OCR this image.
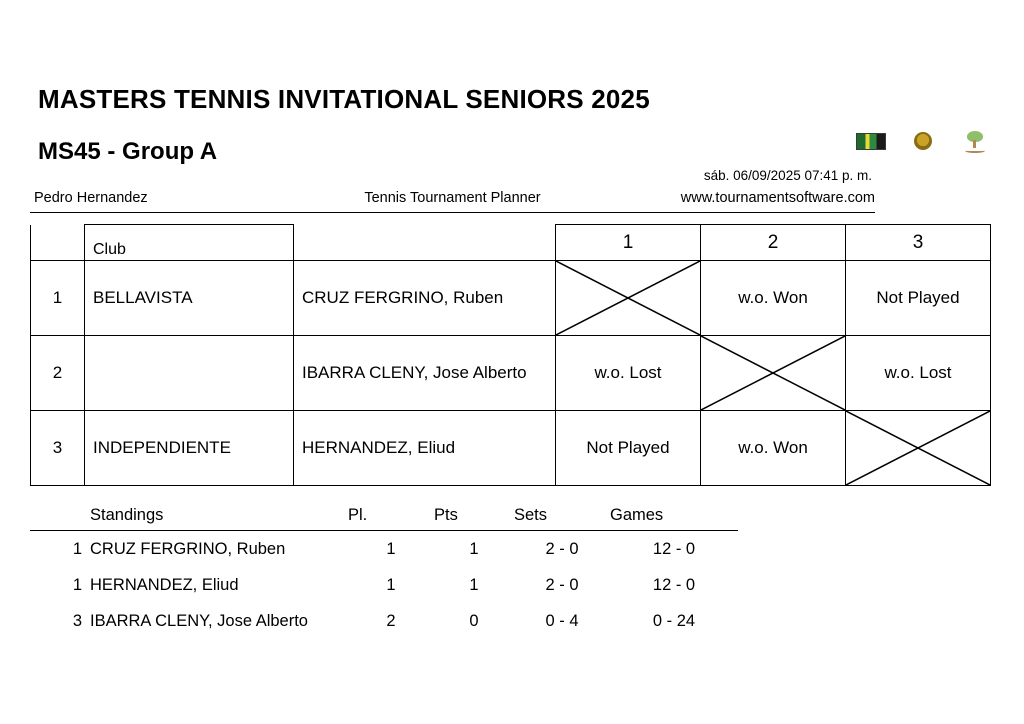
MASTERS TENNIS INVITATIONAL SENIORS 2025
MS45 - Group A
sáb. 06/09/2025 07:41 p. m.
Pedro Hernandez	Tennis Tournament Planner	www.tournamentsoftware.com
	Club		1	2	3
1	BELLAVISTA	CRUZ FERGRINO, Ruben		w.o. Won	Not Played
2		IBARRA CLENY, Jose Alberto	w.o. Lost		w.o. Lost
3	INDEPENDIENTE	HERNANDEZ, Eliud	Not Played	w.o. Won	
	Standings	Pl.	Pts	Sets	Games
1	CRUZ FERGRINO, Ruben	1	1	2 - 0	12 - 0
1	HERNANDEZ, Eliud	1	1	2 - 0	12 - 0
3	IBARRA CLENY, Jose Alberto	2	0	0 - 4	0 - 24
